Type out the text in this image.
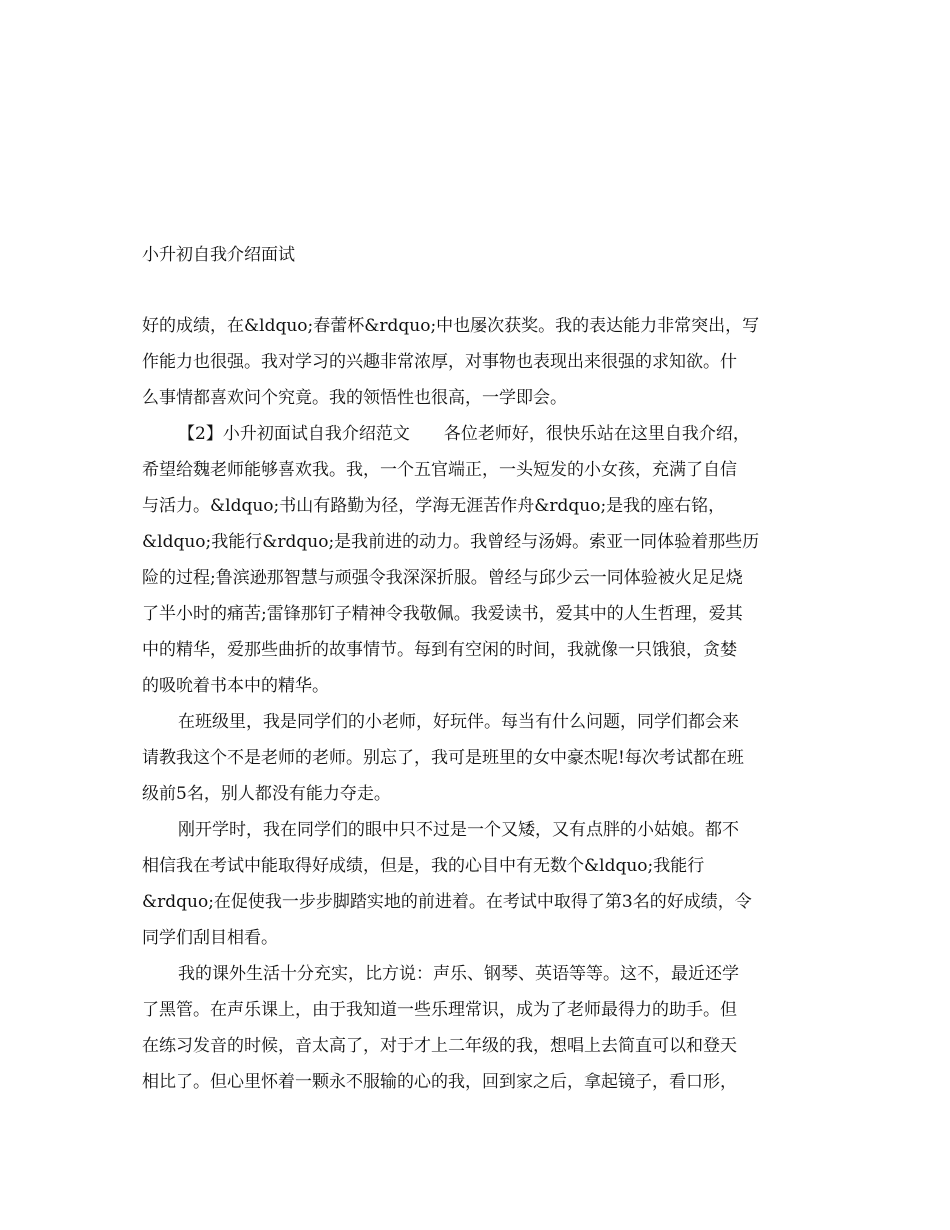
小升初自我介绍面试
好的成绩，在&ldquo;春蕾杯&rdquo;中也屡次获奖。我的表达能力非常突出，写
作能力也很强。我对学习的兴趣非常浓厚，对事物也表现出来很强的求知欲。什
么事情都喜欢问个究竟。我的领悟性也很高，一学即会。
【2】小升初面试自我介绍范文　　各位老师好，很快乐站在这里自我介绍，
希望给魏老师能够喜欢我。我，一个五官端正，一头短发的小女孩，充满了自信
与活力。&ldquo;书山有路勤为径，学海无涯苦作舟&rdquo;是我的座右铭，
&ldquo;我能行&rdquo;是我前进的动力。我曾经与汤姆。索亚一同体验着那些历
险的过程;鲁滨逊那智慧与顽强令我深深折服。曾经与邱少云一同体验被火足足烧
了半小时的痛苦;雷锋那钉子精神令我敬佩。我爱读书，爱其中的人生哲理，爱其
中的精华，爱那些曲折的故事情节。每到有空闲的时间，我就像一只饿狼，贪婪
的吸吮着书本中的精华。
在班级里，我是同学们的小老师，好玩伴。每当有什么问题，同学们都会来
请教我这个不是老师的老师。别忘了，我可是班里的女中豪杰呢!每次考试都在班
级前5名，别人都没有能力夺走。
刚开学时，我在同学们的眼中只不过是一个又矮，又有点胖的小姑娘。都不
相信我在考试中能取得好成绩，但是，我的心目中有无数个&ldquo;我能行
&rdquo;在促使我一步步脚踏实地的前进着。在考试中取得了第3名的好成绩，令
同学们刮目相看。
我的课外生活十分充实，比方说：声乐、钢琴、英语等等。这不，最近还学
了黑管。在声乐课上，由于我知道一些乐理常识，成为了老师最得力的助手。但
在练习发音的时候，音太高了，对于才上二年级的我，想唱上去简直可以和登天
相比了。但心里怀着一颗永不服输的心的我，回到家之后，拿起镜子，看口形，
